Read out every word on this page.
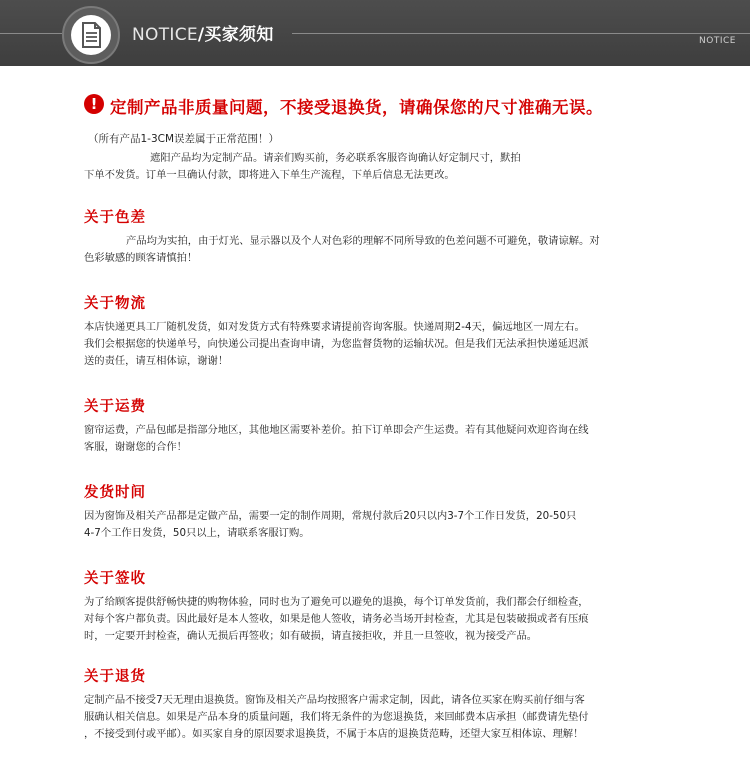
NOTICE/买家须知	NOTICE
! 定制产品非质量问题，不接受退换货，请确保您的尺寸准确无误。
（所有产品1-3CM误差属于正常范围！）

遮阳产品均为定制产品。请亲们购买前，务必联系客服咨询确认好定制尺寸，默拍
下单不发货。订单一旦确认付款，即将进入下单生产流程，下单后信息无法更改。

关于色差

产品均为实拍，由于灯光、显示器以及个人对色彩的理解不同所导致的色差问题不可避免，敬请谅解。对
色彩敏感的顾客请慎拍！

关于物流

本店快递更具工厂随机发货，如对发货方式有特殊要求请提前咨询客服。快递周期2-4天，偏远地区一周左右。
我们会根据您的快递单号，向快递公司提出查询申请，为您监督货物的运输状况。但是我们无法承担快递延迟派
送的责任，请互相体谅，谢谢！

关于运费

窗帘运费，产品包邮是指部分地区，其他地区需要补差价。拍下订单即会产生运费。若有其他疑问欢迎咨询在线
客服，谢谢您的合作！

发货时间

因为窗饰及相关产品都是定做产品，需要一定的制作周期，常规付款后20只以内3-7个工作日发货，20-50只
4-7个工作日发货，50只以上，请联系客服订购。

关于签收

为了给顾客提供舒畅快捷的购物体验，同时也为了避免可以避免的退换，每个订单发货前，我们都会仔细检查，
对每个客户都负责。因此最好是本人签收，如果是他人签收，请务必当场开封检查，尤其是包装破损或者有压痕
时，一定要开封检查，确认无损后再签收；如有破损，请直接拒收，并且一旦签收，视为接受产品。

关于退货

定制产品不接受7天无理由退换货。窗饰及相关产品均按照客户需求定制，因此，请各位买家在购买前仔细与客
服确认相关信息。如果是产品本身的质量问题，我们将无条件的为您退换货，来回邮费本店承担（邮费请先垫付
，不接受到付或平邮）。如买家自身的原因要求退换货，不属于本店的退换货范畴，还望大家互相体谅、理解！
